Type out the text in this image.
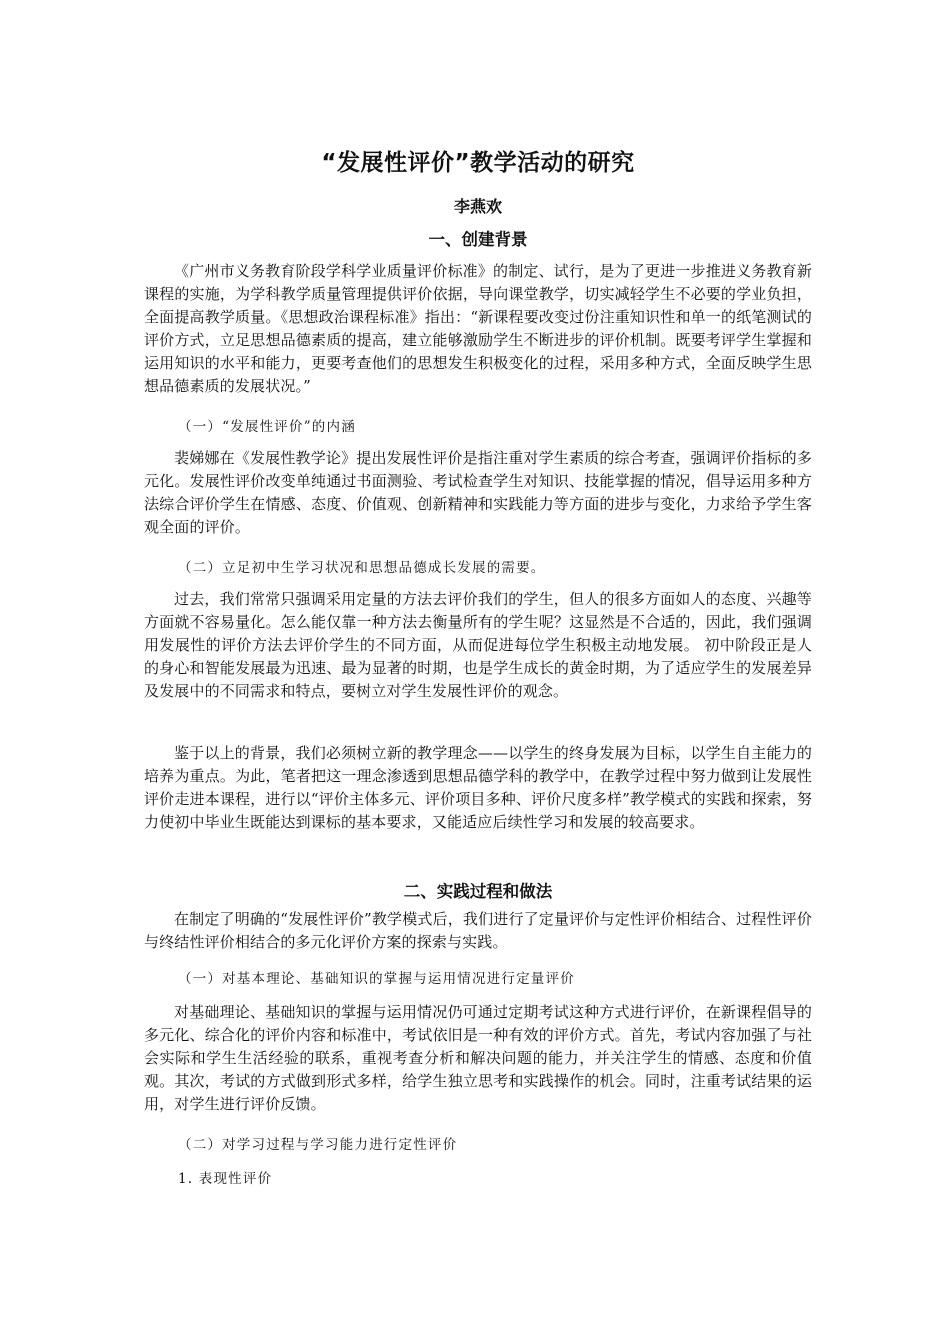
“发展性评价”教学活动的研究
李燕欢
一、创建背景
《广州市义务教育阶段学科学业质量评价标准》的制定、试行，是为了更进一步推进义务教育新课程的实施，为学科教学质量管理提供评价依据，导向课堂教学，切实减轻学生不必要的学业负担，全面提高教学质量。《思想政治课程标准》指出：“新课程要改变过份注重知识性和单一的纸笔测试的评价方式，立足思想品德素质的提高，建立能够激励学生不断进步的评价机制。既要考评学生掌握和运用知识的水平和能力，更要考查他们的思想发生积极变化的过程，采用多种方式，全面反映学生思想品德素质的发展状况。”
（一）“发展性评价”的内涵
裴娣娜在《发展性教学论》提出发展性评价是指注重对学生素质的综合考查，强调评价指标的多元化。发展性评价改变单纯通过书面测验、考试检查学生对知识、技能掌握的情况，倡导运用多种方法综合评价学生在情感、态度、价值观、创新精神和实践能力等方面的进步与变化，力求给予学生客观全面的评价。
（二）立足初中生学习状况和思想品德成长发展的需要。
过去，我们常常只强调采用定量的方法去评价我们的学生，但人的很多方面如人的态度、兴趣等方面就不容易量化。怎么能仅靠一种方法去衡量所有的学生呢？这显然是不合适的，因此，我们强调用发展性的评价方法去评价学生的不同方面，从而促进每位学生积极主动地发展。 初中阶段正是人的身心和智能发展最为迅速、最为显著的时期，也是学生成长的黄金时期，为了适应学生的发展差异及发展中的不同需求和特点，要树立对学生发展性评价的观念。
鉴于以上的背景，我们必须树立新的教学理念——以学生的终身发展为目标，以学生自主能力的培养为重点。为此，笔者把这一理念渗透到思想品德学科的教学中，在教学过程中努力做到让发展性评价走进本课程，进行以“评价主体多元、评价项目多种、评价尺度多样”教学模式的实践和探索，努力使初中毕业生既能达到课标的基本要求，又能适应后续性学习和发展的较高要求。
二、实践过程和做法
在制定了明确的“发展性评价”教学模式后，我们进行了定量评价与定性评价相结合、过程性评价与终结性评价相结合的多元化评价方案的探索与实践。
（一）对基本理论、基础知识的掌握与运用情况进行定量评价
对基础理论、基础知识的掌握与运用情况仍可通过定期考试这种方式进行评价，在新课程倡导的多元化、综合化的评价内容和标准中，考试依旧是一种有效的评价方式。首先，考试内容加强了与社会实际和学生生活经验的联系，重视考查分析和解决问题的能力，并关注学生的情感、态度和价值观。其次，考试的方式做到形式多样，给学生独立思考和实践操作的机会。同时，注重考试结果的运用，对学生进行评价反馈。
（二）对学习过程与学习能力进行定性评价
1. 表现性评价
